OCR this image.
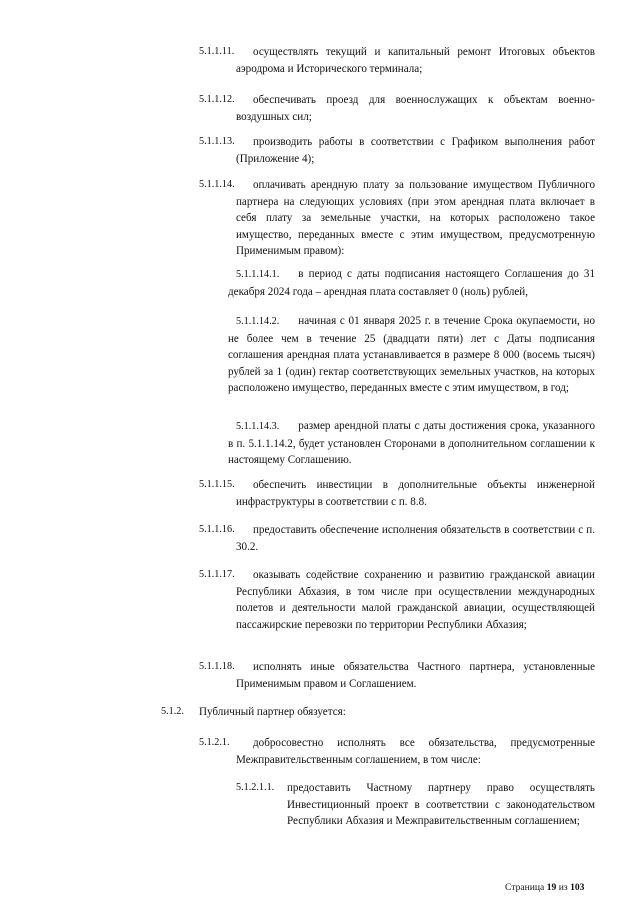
5.1.1.11.	осуществлять текущий и капитальный ремонт Итоговых объектов аэродрома и Исторического терминала;
5.1.1.12.	обеспечивать проезд для военнослужащих к объектам военно-воздушных сил;
5.1.1.13.	производить работы в соответствии с Графиком выполнения работ (Приложение 4);
5.1.1.14.	оплачивать арендную плату за пользование имуществом Публичного партнера на следующих условиях (при этом арендная плата включает в себя плату за земельные участки, на которых расположено такое имущество, переданных вместе с этим имуществом, предусмотренную Применимым правом):
5.1.1.14.1. в период с даты подписания настоящего Соглашения до 31 декабря 2024 года – арендная плата составляет 0 (ноль) рублей,
5.1.1.14.2. начиная с 01 января 2025 г. в течение Срока окупаемости, но не более чем в течение 25 (двадцати пяти) лет с Даты подписания соглашения арендная плата устанавливается в размере 8 000 (восемь тысяч) рублей за 1 (один) гектар соответствующих земельных участков, на которых расположено имущество, переданных вместе с этим имуществом, в год;
5.1.1.14.3. размер арендной платы с даты достижения срока, указанного в п. 5.1.1.14.2, будет установлен Сторонами в дополнительном соглашении к настоящему Соглашению.
5.1.1.15.	обеспечить инвестиции в дополнительные объекты инженерной инфраструктуры в соответствии с п. 8.8.
5.1.1.16.	предоставить обеспечение исполнения обязательств в соответствии с п. 30.2.
5.1.1.17.	оказывать содействие сохранению и развитию гражданской авиации Республики Абхазия, в том числе при осуществлении международных полетов и деятельности малой гражданской авиации, осуществляющей пассажирские перевозки по территории Республики Абхазия;
5.1.1.18.	исполнять иные обязательства Частного партнера, установленные Применимым правом и Соглашением.
5.1.2. Публичный партнер обязуется:
5.1.2.1.	добросовестно исполнять все обязательства, предусмотренные Межправительственным соглашением, в том числе:
5.1.2.1.1. предоставить Частному партнеру право осуществлять Инвестиционный проект в соответствии с законодательством Республики Абхазия и Межправительственным соглашением;
Страница 19 из 103
